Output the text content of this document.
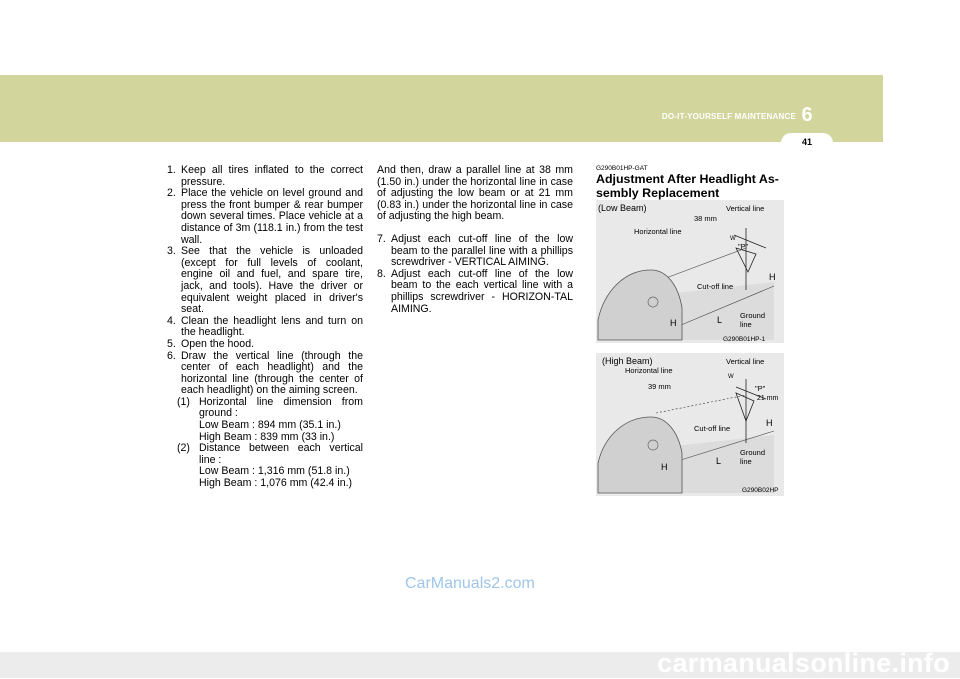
DO-IT-YOURSELF MAINTENANCE 6
41
1. Keep all tires inflated to the correct pressure.
2. Place the vehicle on level ground and press the front bumper & rear bumper down several times. Place vehicle at a distance of 3m (118.1 in.) from the test wall.
3. See that the vehicle is unloaded (except for full levels of coolant, engine oil and fuel, and spare tire, jack, and tools). Have the driver or equivalent weight placed in driver's seat.
4. Clean the headlight lens and turn on the headlight.
5. Open the hood.
6. Draw the vertical line (through the center of each headlight) and the horizontal line (through the center of each headlight) on the aiming screen.
(1) Horizontal line dimension from ground :
Low Beam : 894 mm (35.1 in.)
High Beam : 839 mm (33 in.)
(2) Distance between each vertical line :
Low Beam : 1,316 mm (51.8 in.)
High Beam : 1,076 mm (42.4 in.)

And then, draw a parallel line at 38 mm (1.50 in.) under the horizontal line in case of adjusting the low beam or at 21 mm (0.83 in.) under the horizontal line in case of adjusting the high beam.

7. Adjust each cut-off line of the low beam to the parallel line with a phillips screwdriver - VERTICAL AIMING.
8. Adjust each cut-off line of the low beam to the each vertical line with a phillips screwdriver - HORIZON-TAL AIMING.
G290B01HP-GAT
Adjustment After Headlight As-sembly Replacement
(Low Beam)	Vertical line
38 mm
Horizontal line
W
"P"
H
Cut-off line
L
H
Ground
line
G290B01HP-1
(High Beam)	Vertical line
Horizontal line
39 mm
W
"P"
21 mm
H
Cut-off line
L
H
Ground
line
G290B02HP
CarManuals2.com
carmanualsonline.info
